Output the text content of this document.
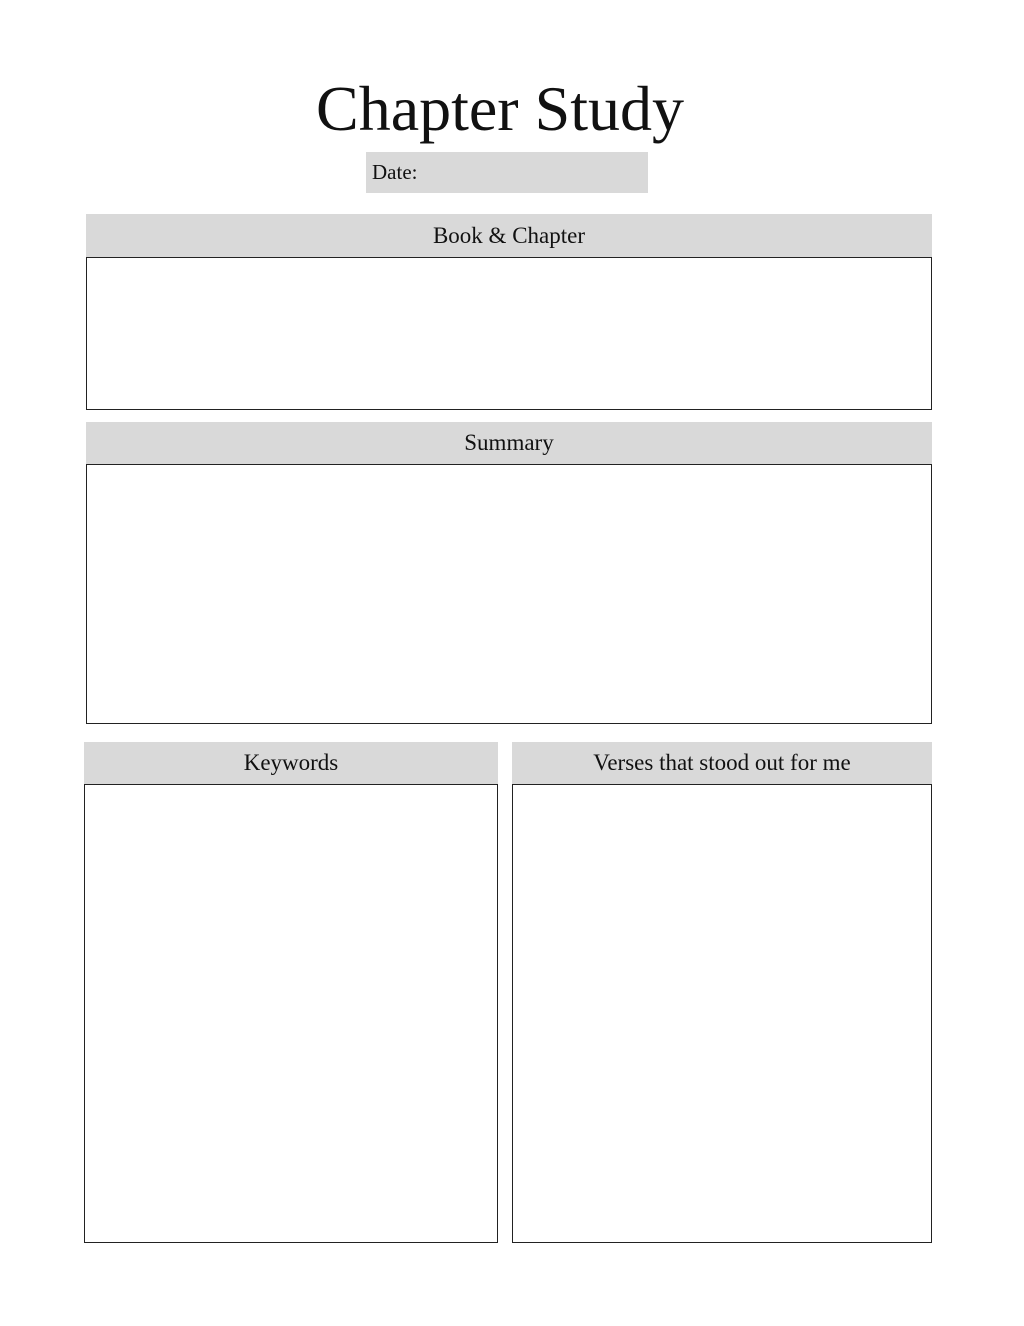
Chapter Study
Date:
Book & Chapter
Summary
Keywords	Verses that stood out for me
